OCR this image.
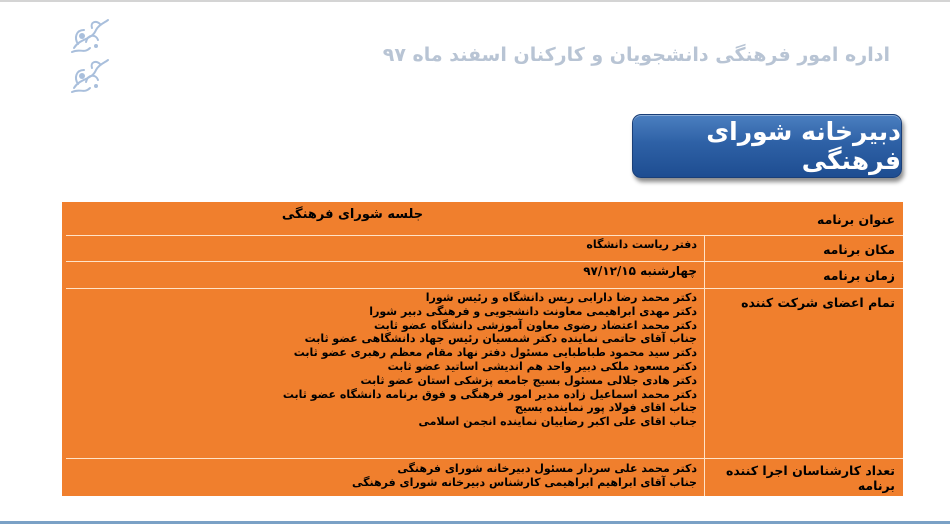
اداره امور فرهنگی دانشجویان و کارکنان اسفند ماه ۹۷
دبیرخانه شورای فرهنگی
عنوان برنامه
جلسه شورای فرهنگی
مکان برنامه
دفتر ریاست دانشگاه
زمان برنامه
چهارشنبه ۹۷/۱۲/۱۵
تمام اعضای شرکت کننده
دکتر محمد رضا دارابی ریس دانشگاه و رئیس شورا
دکتر مهدی ابراهیمی معاونت دانشجویی و فرهنگی دبیر شورا
دکتر محمد اعتضاد رضوی معاون آموزشی دانشگاه عضو ثابت
جناب آقای حاتمی نماینده دکتر شمسیان رئیس جهاد دانشگاهی عضو ثابت
دکتر سید محمود طباطبایی مسئول دفتر نهاد مقام معظم رهبری عضو ثابت
دکتر مسعود ملکی دبیر واحد هم اندیشی اساتید عضو ثابت
دکتر هادی جلالی مسئول بسیج جامعه پزشکی استان عضو ثابت
دکتر محمد اسماعیل زاده مدیر امور فرهنگی و فوق برنامه دانشگاه عضو ثابت
جناب اقای فولاد پور نماینده بسیج
جناب اقای علی اکبر رضاییان نماینده انجمن اسلامی
تعداد کارشناسان اجرا کننده برنامه
دکتر محمد علی سردار مسئول دبیرخانه شورای فرهنگی
جناب آقای ابراهیم ابراهیمی کارشناس دبیرخانه شورای فرهنگی
